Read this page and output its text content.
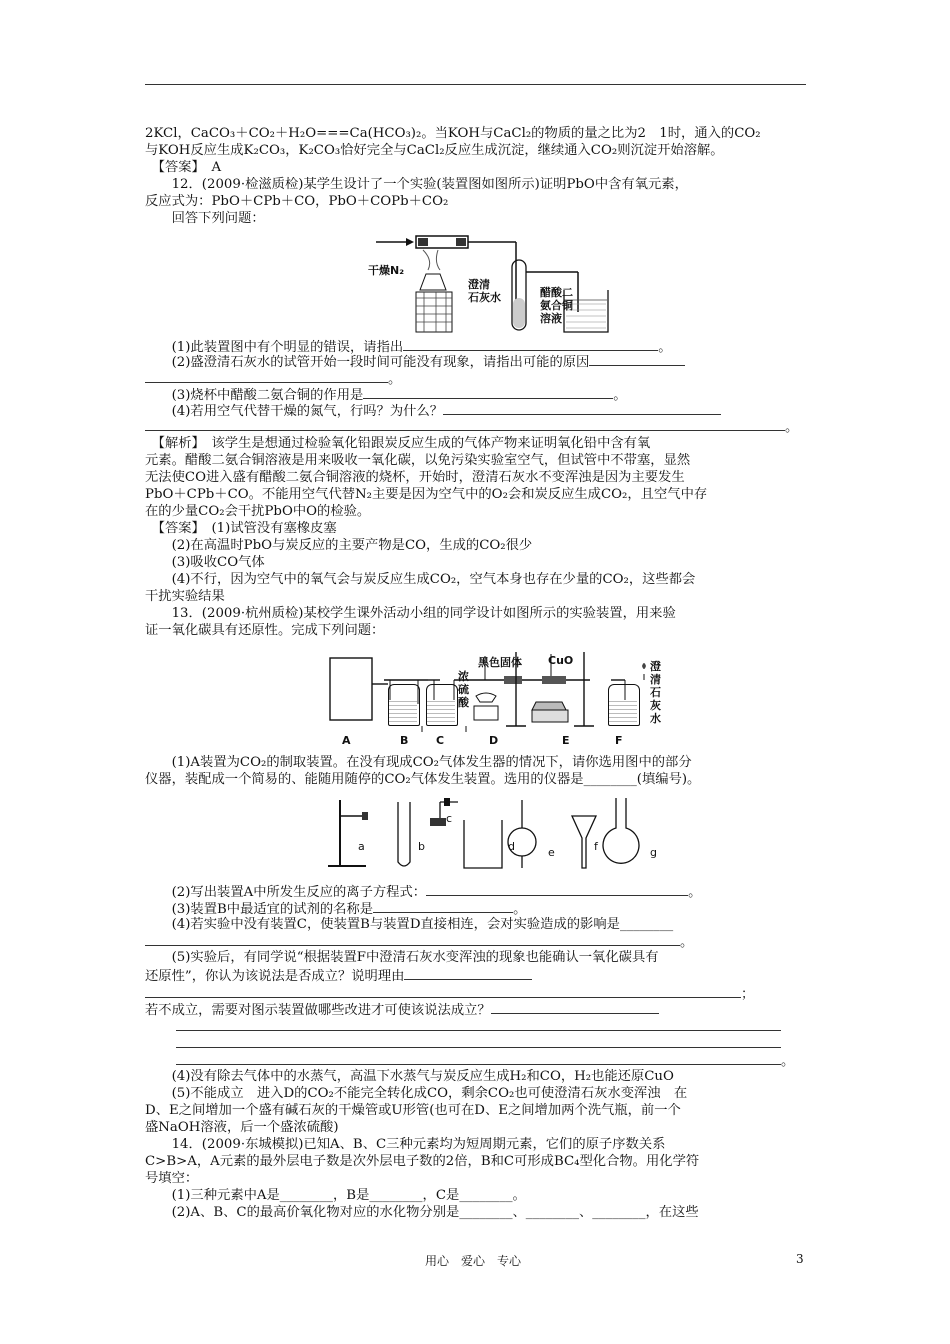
2KCl，CaCO₃＋CO₂＋H₂O===Ca(HCO₃)₂。当KOH与CaCl₂的物质的量之比为2　1时，通入的CO₂
与KOH反应生成K₂CO₃，K₂CO₃恰好完全与CaCl₂反应生成沉淀，继续通入CO₂则沉淀开始溶解。
　【答案】　A
　　12．(2009·检滋质检)某学生设计了一个实验(装置图如图所示)证明PbO中含有氧元素，
反应式为：PbO＋CPb＋CO，PbO＋COPb＋CO₂
　　回答下列问题：
干燥N₂
澄清
石灰水	醋酸二
氨合铜
溶液
　　(1)此装置图中有个明显的错误，请指出	。
　　(2)盛澄清石灰水的试管开始一段时间可能没有现象，请指出可能的原因
。
　　(3)烧杯中醋酸二氨合铜的作用是	。
　　(4)若用空气代替干燥的氮气，行吗？为什么？
。
　【解析】　该学生是想通过检验氧化铅跟炭反应生成的气体产物来证明氧化铅中含有氧
元素。醋酸二氨合铜溶液是用来吸收一氧化碳，以免污染实验室空气，但试管中不带塞，显然
无法使CO进入盛有醋酸二氨合铜溶液的烧杯，开始时，澄清石灰水不变浑浊是因为主要发生
PbO＋CPb＋CO。不能用空气代替N₂主要是因为空气中的O₂会和炭反应生成CO₂，且空气中存
在的少量CO₂会干扰PbO中O的检验。
　【答案】　(1)试管没有塞橡皮塞
　　(2)在高温时PbO与炭反应的主要产物是CO，生成的CO₂很少
　　(3)吸收CO气体
　　(4)不行，因为空气中的氧气会与炭反应生成CO₂，空气本身也存在少量的CO₂，这些都会
干扰实验结果
　　13．(2009·杭州质检)某校学生课外活动小组的同学设计如图所示的实验装置，用来验
证一氧化碳具有还原性。完成下列问题：
黑色固体 CuO
浓
硫
酸
澄
清
石
灰
水
A	B	C	D	E	F
　　(1)A装置为CO₂的制取装置。在没有现成CO₂气体发生器的情况下，请你选用图中的部分
仪器，装配成一个简易的、能随用随停的CO₂气体发生装置。选用的仪器是________(填编号)。
a	b
c
d	e	f	g
　　(2)写出装置A中所发生反应的离子方程式：	。
　　(3)装置B中最适宜的试剂的名称是	。
　　(4)若实验中没有装置C，使装置B与装置D直接相连，会对实验造成的影响是________
。
　　(5)实验后，有同学说“根据装置F中澄清石灰水变浑浊的现象也能确认一氧化碳具有
还原性”，你认为该说法是否成立？说明理由
；
若不成立，需要对图示装置做哪些改进才可使该说法成立？
。
　　(4)没有除去气体中的水蒸气，高温下水蒸气与炭反应生成H₂和CO，H₂也能还原CuO
　　(5)不能成立　进入D的CO₂不能完全转化成CO，剩余CO₂也可使澄清石灰水变浑浊　在
D、E之间增加一个盛有碱石灰的干燥管或U形管(也可在D、E之间增加两个洗气瓶，前一个
盛NaOH溶液，后一个盛浓硫酸)
　　14．(2009·东城模拟)已知A、B、C三种元素均为短周期元素，它们的原子序数关系
C>B>A，A元素的最外层电子数是次外层电子数的2倍，B和C可形成BC₄型化合物。用化学符
号填空：
　　(1)三种元素中A是________，B是________，C是________。
　　(2)A、B、C的最高价氧化物对应的水化物分别是________、________、________，在这些
用心　爱心　专心	3
